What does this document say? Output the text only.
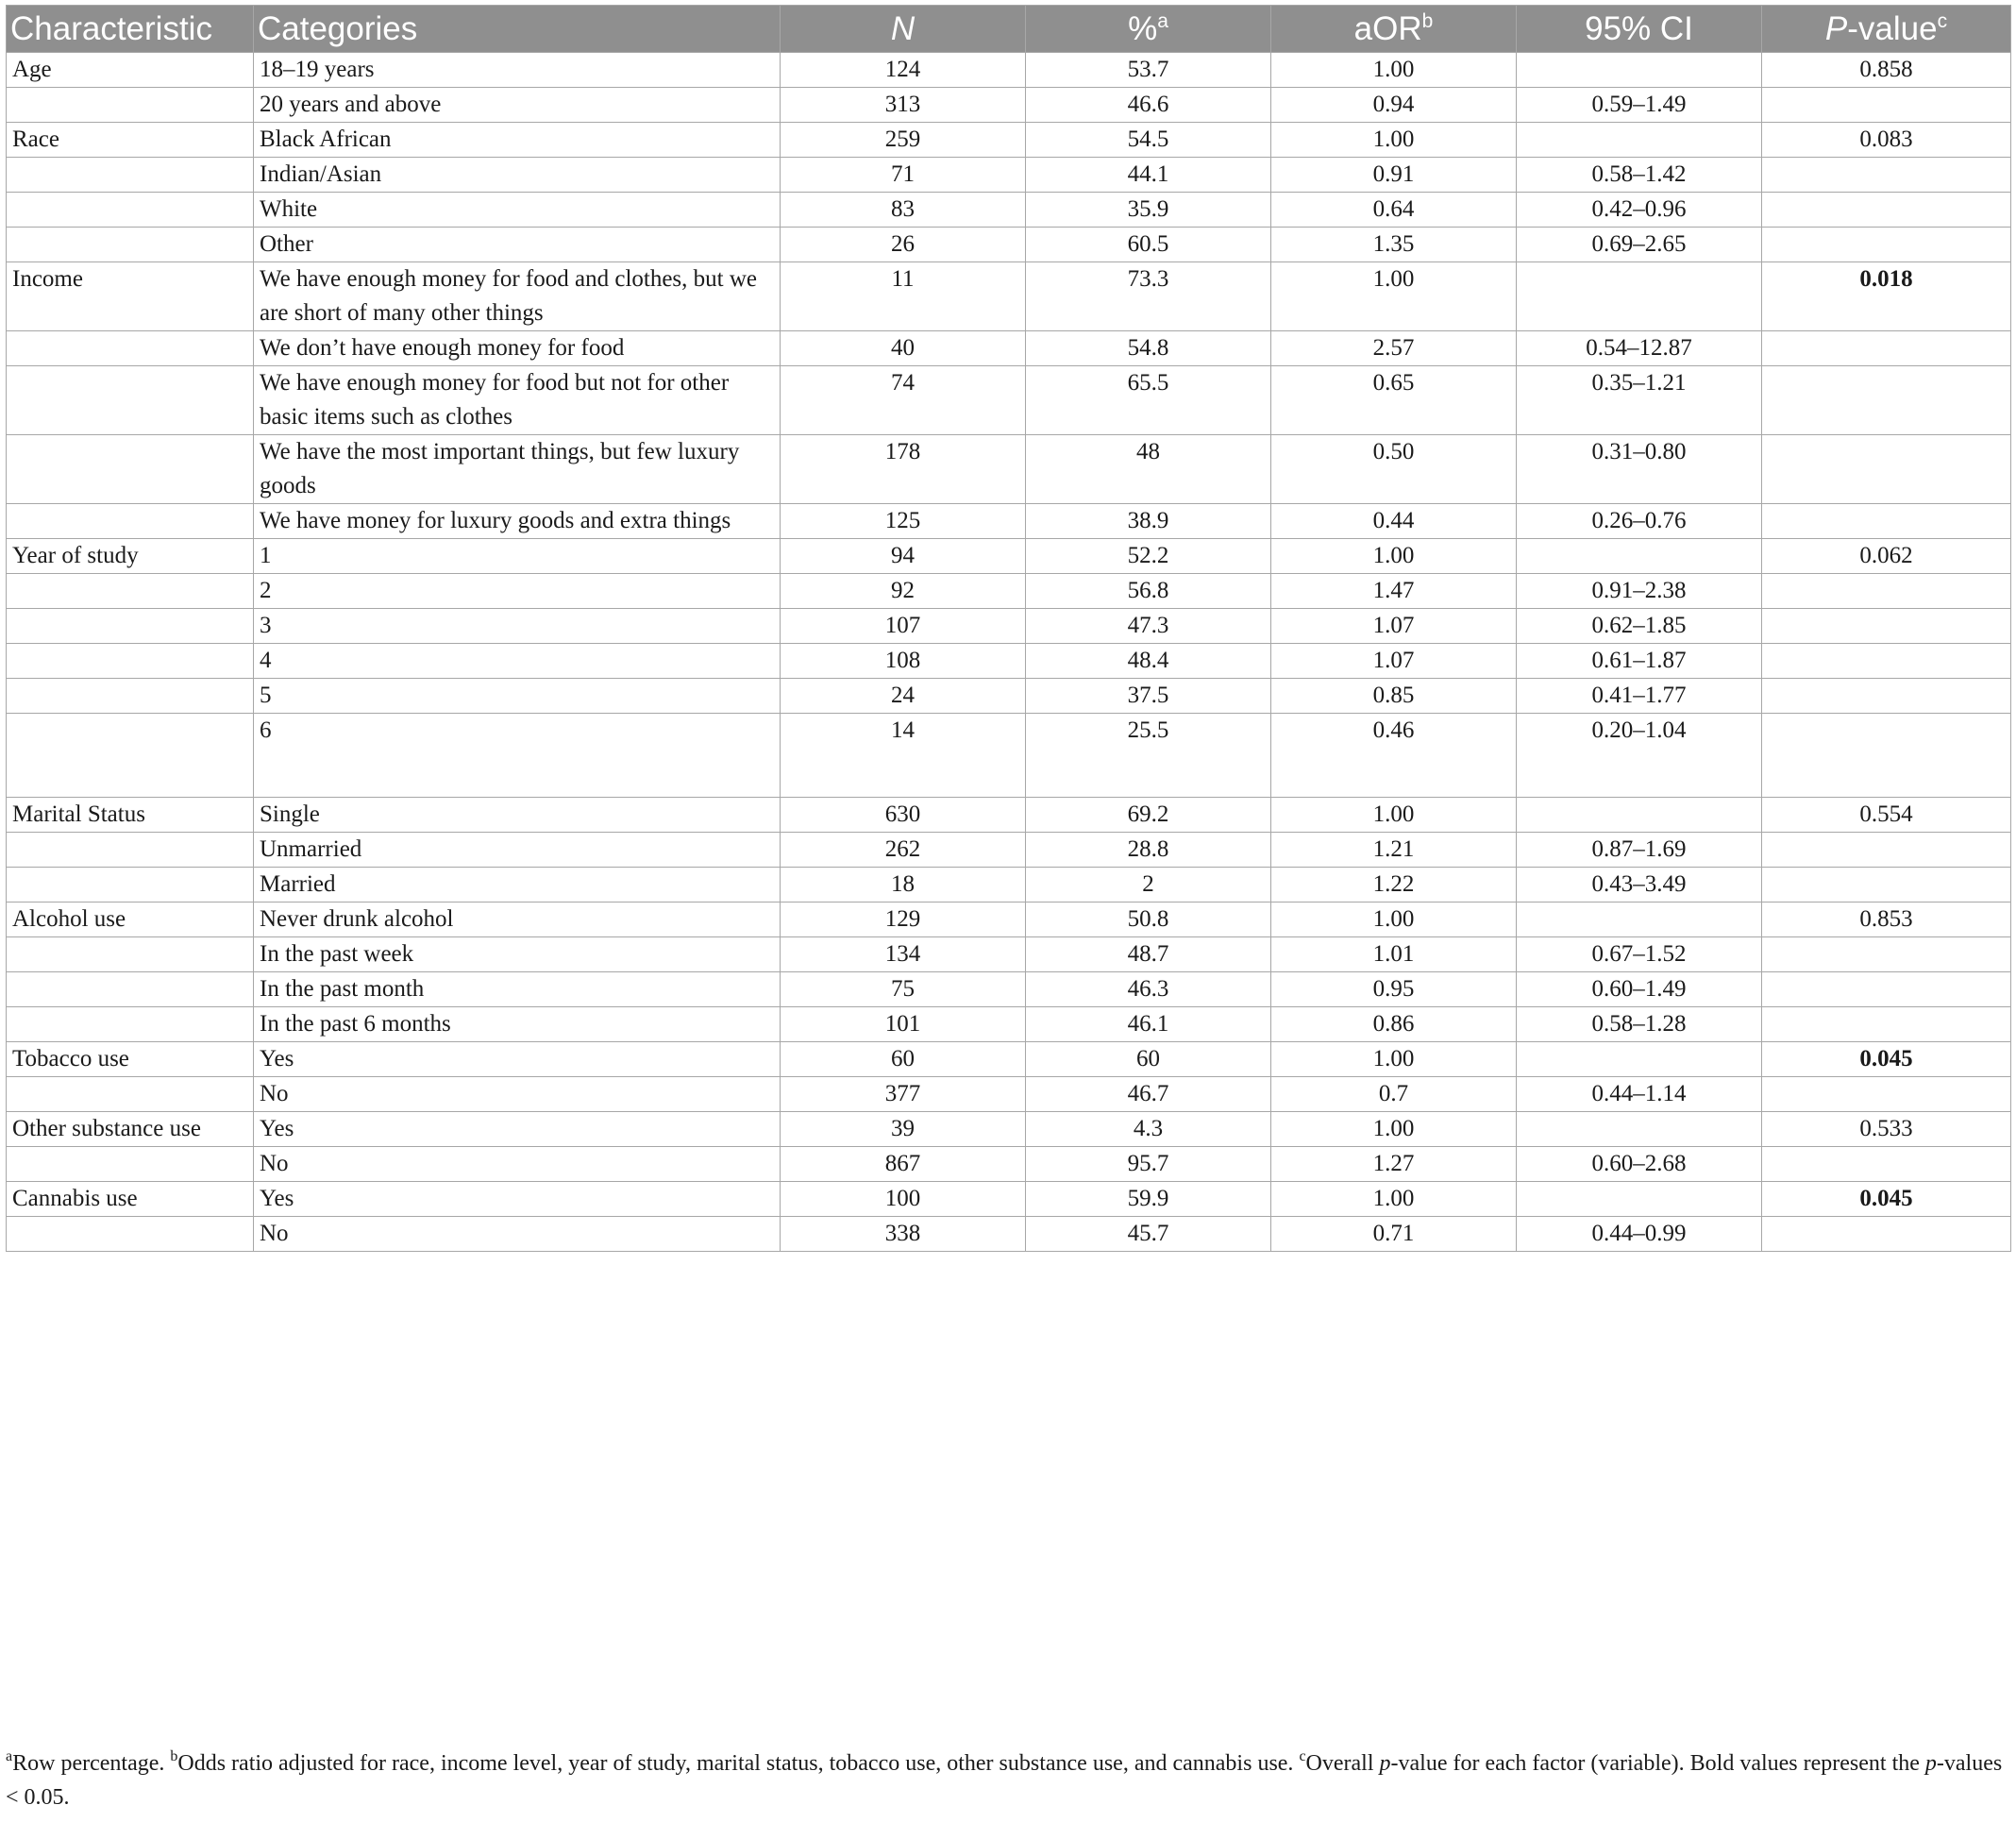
Characteristic	Categories	N	%$^a$	aOR$^b$	95% CI	P-value$^c$
Age	18–19 years	124	53.7	1.00		0.858
	20 years and above	313	46.6	0.94	0.59–1.49	
Race	Black African	259	54.5	1.00		0.083
	Indian/Asian	71	44.1	0.91	0.58–1.42	
	White	83	35.9	0.64	0.42–0.96	
	Other	26	60.5	1.35	0.69–2.65	
Income	We have enough money for food and clothes, but we are short of many other things	11	73.3	1.00		0.018
	We don’t have enough money for food	40	54.8	2.57	0.54–12.87	
	We have enough money for food but not for other basic items such as clothes	74	65.5	0.65	0.35–1.21	
	We have the most important things, but few luxury goods	178	48	0.50	0.31–0.80	
	We have money for luxury goods and extra things	125	38.9	0.44	0.26–0.76	
Year of study	1	94	52.2	1.00		0.062
	2	92	56.8	1.47	0.91–2.38	
	3	107	47.3	1.07	0.62–1.85	
	4	108	48.4	1.07	0.61–1.87	
	5	24	37.5	0.85	0.41–1.77	
	6	14	25.5	0.46	0.20–1.04	
Marital Status	Single	630	69.2	1.00		0.554
	Unmarried	262	28.8	1.21	0.87–1.69	
	Married	18	2	1.22	0.43–3.49	
Alcohol use	Never drunk alcohol	129	50.8	1.00		0.853
	In the past week	134	48.7	1.01	0.67–1.52	
	In the past month	75	46.3	0.95	0.60–1.49	
	In the past 6 months	101	46.1	0.86	0.58–1.28	
Tobacco use	Yes	60	60	1.00		0.045
	No	377	46.7	0.7	0.44–1.14	
Other substance use	Yes	39	4.3	1.00		0.533
	No	867	95.7	1.27	0.60–2.68	
Cannabis use	Yes	100	59.9	1.00		0.045
	No	338	45.7	0.71	0.44–0.99	
$^a$Row percentage. $^b$Odds ratio adjusted for race, income level, year of study, marital status, tobacco use, other substance use, and cannabis use. $^c$Overall p-value for each factor (variable). Bold values represent the p-values < 0.05.
